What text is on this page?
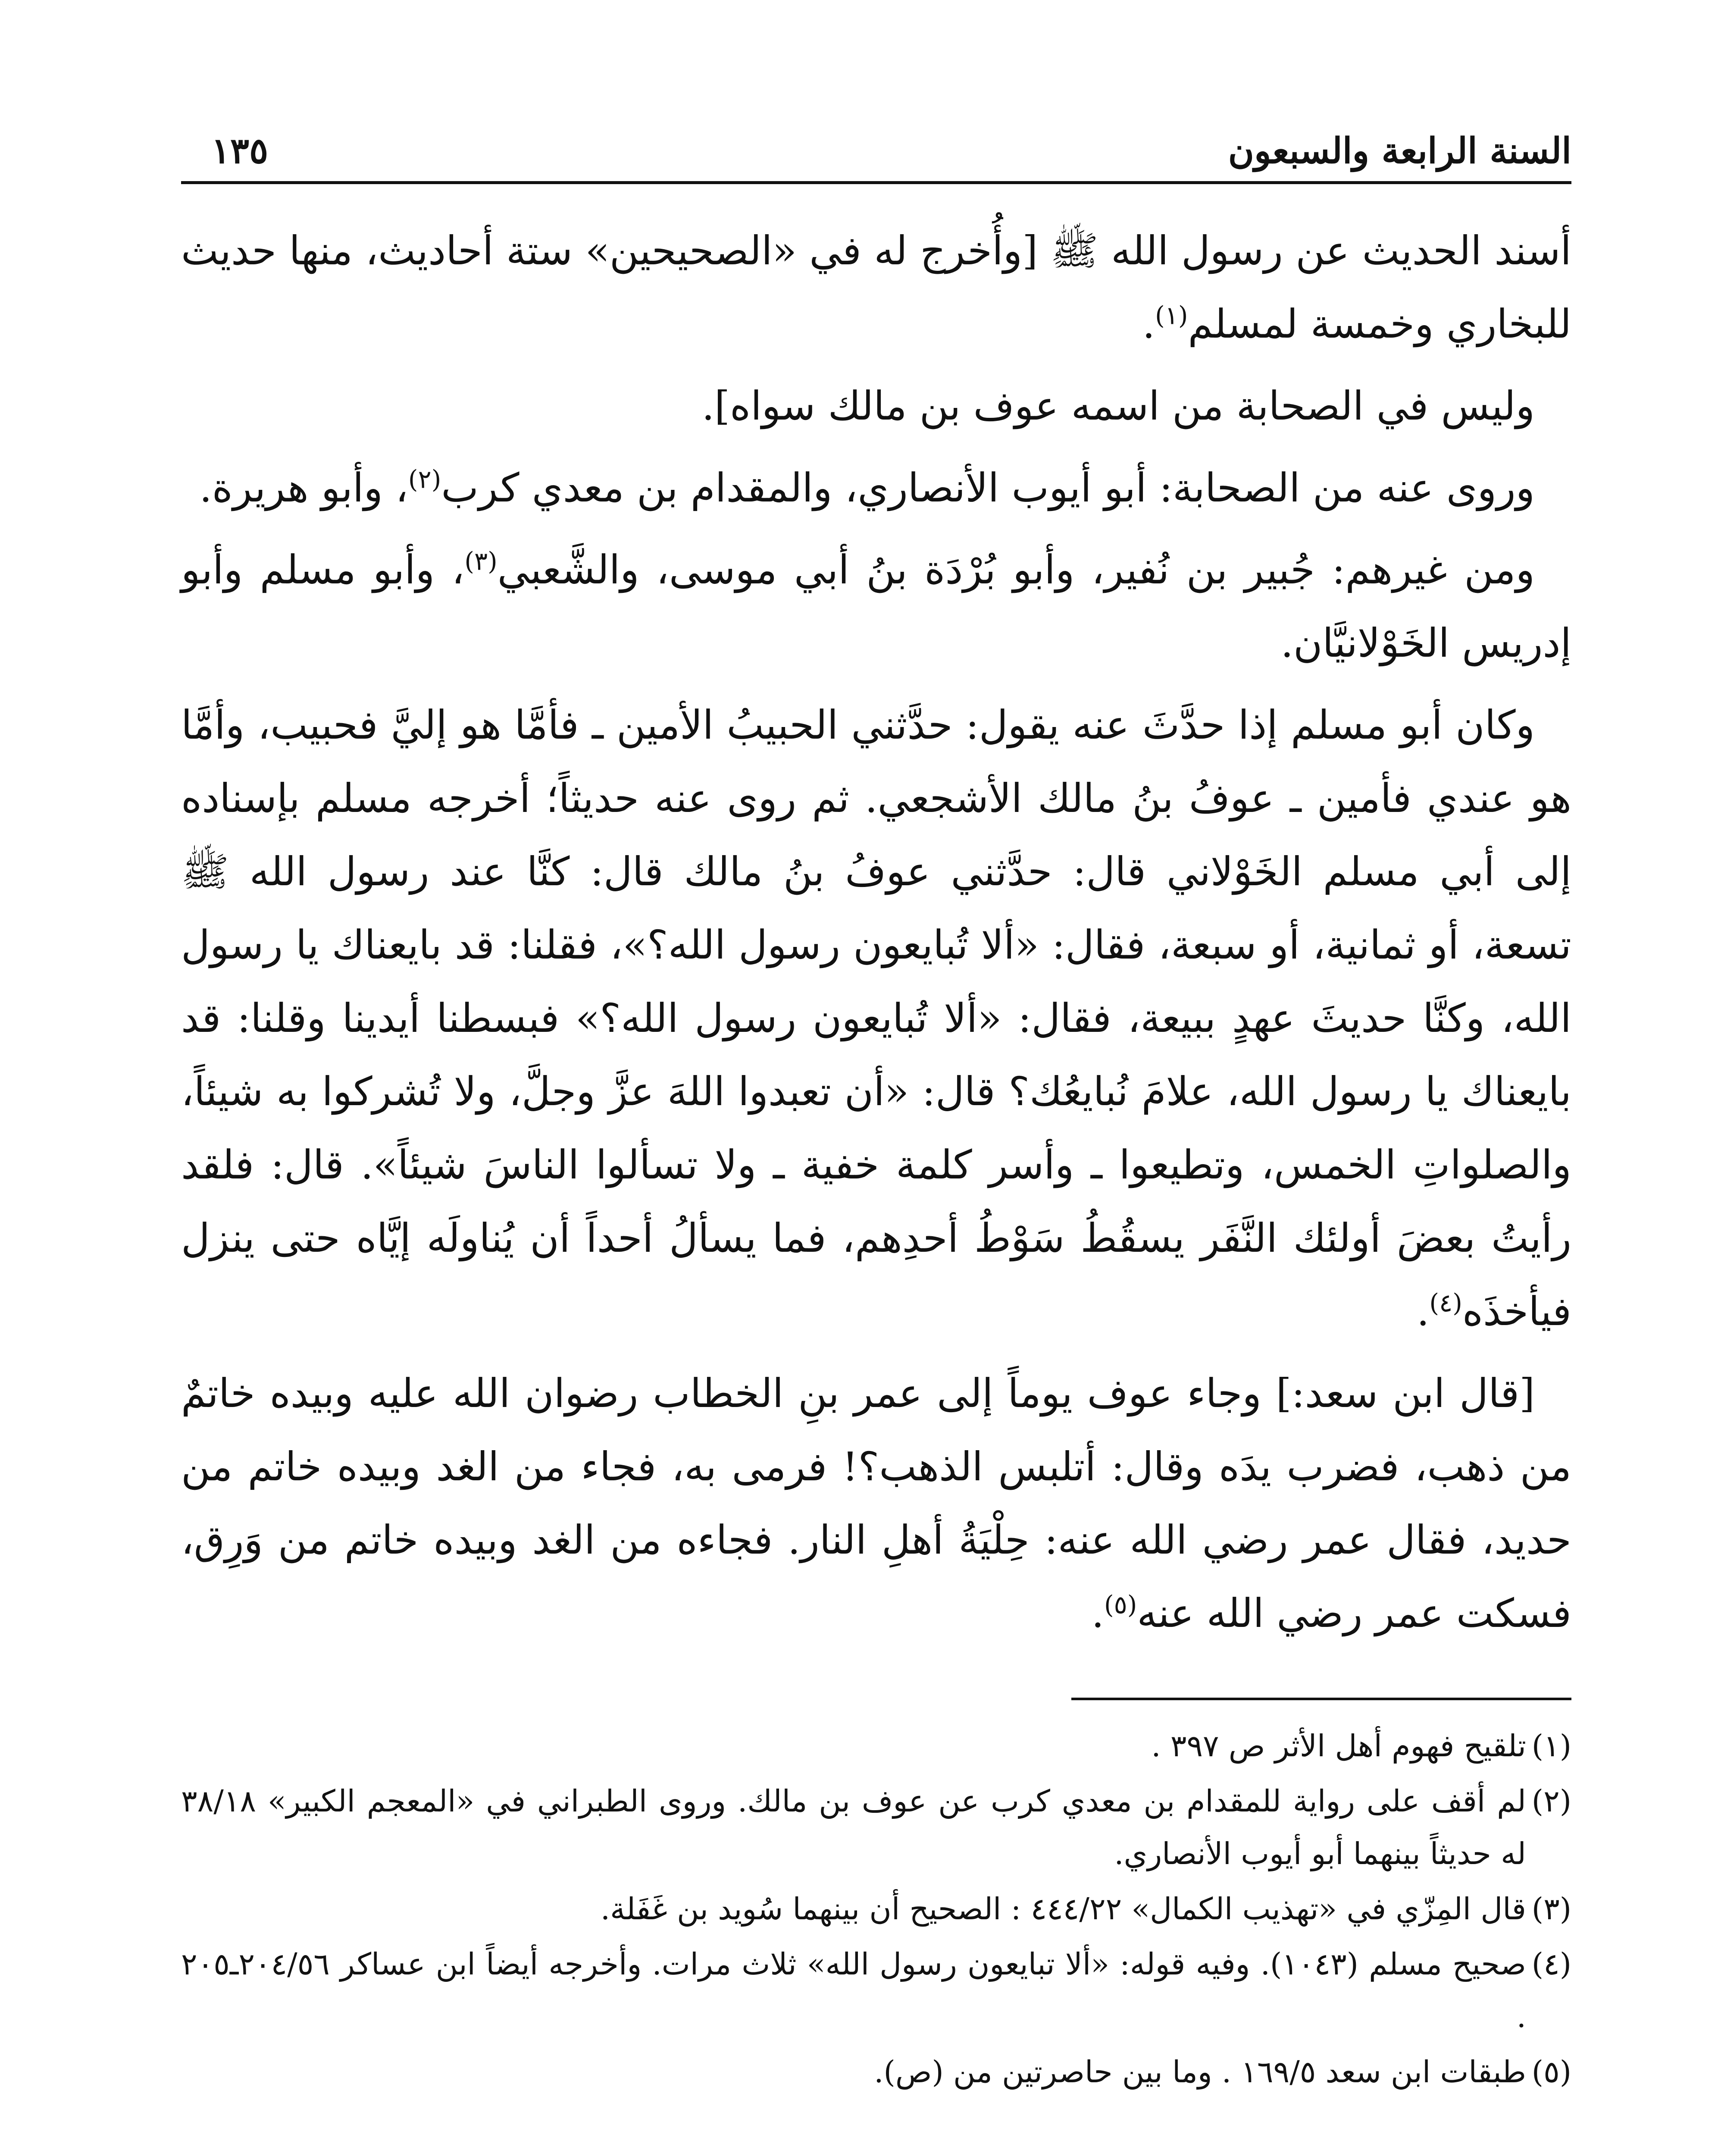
السنة الرابعة والسبعون
١٣٥

أسند الحديث عن رسول الله ﷺ [وأُخرج له في «الصحيحين» ستة أحاديث، منها حديث للبخاري وخمسة لمسلم$^{(١)}$.

وليس في الصحابة من اسمه عوف بن مالك سواه].

وروى عنه من الصحابة: أبو أيوب الأنصاري، والمقدام بن معدي كرب$^{(٢)}$، وأبو هريرة.

ومن غيرهم: جُبير بن نُفير، وأبو بُرْدَة بنُ أبي موسى، والشَّعبي$^{(٣)}$، وأبو مسلم وأبو إدريس الخَوْلانيَّان.

وكان أبو مسلم إذا حدَّثَ عنه يقول: حدَّثني الحبيبُ الأمين ـ فأمَّا هو إليَّ فحبيب، وأمَّا هو عندي فأمين ـ عوفُ بنُ مالك الأشجعي. ثم روى عنه حديثاً؛ أخرجه مسلم بإسناده إلى أبي مسلم الخَوْلاني قال: حدَّثني عوفُ بنُ مالك قال: كنَّا عند رسول الله ﷺ تسعة، أو ثمانية، أو سبعة، فقال: «ألا تُبايعون رسول الله؟»، فقلنا: قد بايعناك يا رسول الله، وكنَّا حديثَ عهدٍ ببيعة، فقال: «ألا تُبايعون رسول الله؟» فبسطنا أيدينا وقلنا: قد بايعناك يا رسول الله، علامَ نُبايعُك؟ قال: «أن تعبدوا اللهَ عزَّ وجلَّ، ولا تُشركوا به شيئاً، والصلواتِ الخمس، وتطيعوا ـ وأسر كلمة خفية ـ ولا تسألوا الناسَ شيئاً». قال: فلقد رأيتُ بعضَ أولئك النَّفَر يسقُطُ سَوْطُ أحدِهم، فما يسألُ أحداً أن يُناولَه إيَّاه حتى ينزل فيأخذَه$^{(٤)}$.

[قال ابن سعد:] وجاء عوف يوماً إلى عمر بنِ الخطاب رضوان الله عليه وبيده خاتمٌ من ذهب، فضرب يدَه وقال: أتلبس الذهب؟! فرمى به، فجاء من الغد وبيده خاتم من حديد، فقال عمر رضي الله عنه: حِلْيَةُ أهلِ النار. فجاءه من الغد وبيده خاتم من وَرِق، فسكت عمر رضي الله عنه$^{(٥)}$.

(١)
تلقيح فهوم أهل الأثر ص ٣٩٧ .
(٢)
لم أقف على رواية للمقدام بن معدي كرب عن عوف بن مالك. وروى الطبراني في «المعجم الكبير» ٣٨/١٨ له حديثاً بينهما أبو أيوب الأنصاري.
(٣)
قال المِزّي في «تهذيب الكمال» ٤٤٤/٢٢ : الصحيح أن بينهما سُويد بن غَفَلة.
(٤)
صحيح مسلم (١٠٤٣). وفيه قوله: «ألا تبايعون رسول الله» ثلاث مرات. وأخرجه أيضاً ابن عساكر ٢٠٤/٥٦ـ٢٠٥ .
(٥)
طبقات ابن سعد ١٦٩/٥ . وما بين حاصرتين من (ص).
